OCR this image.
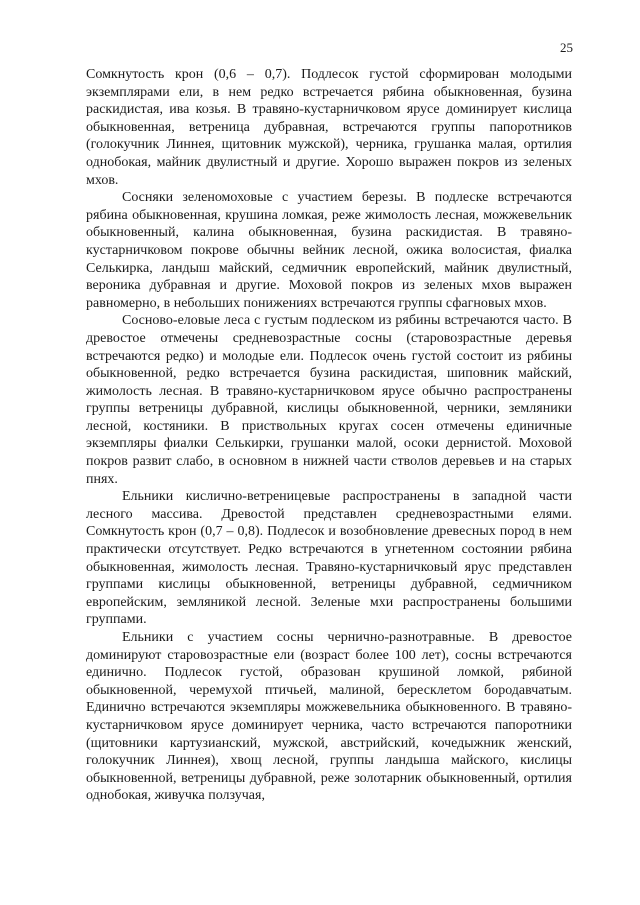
25

Сомкнутость крон (0,6 – 0,7). Подлесок густой сформирован молодыми экземплярами ели, в нем редко встречается рябина обыкновенная, бузина раскидистая, ива козья. В травяно-кустарничковом ярусе доминирует кислица обыкновенная, ветреница дубравная, встречаются группы папоротников (голокучник Линнея, щитовник мужской), черника, грушанка малая, ортилия однобокая, майник двулистный и другие. Хорошо выражен покров из зеленых мхов.

Сосняки зеленомоховые с участием березы. В подлеске встречаются рябина обыкновенная, крушина ломкая, реже жимолость лесная, можжевельник обыкновенный, калина обыкновенная, бузина раскидистая. В травяно-кустарничковом покрове обычны вейник лесной, ожика волосистая, фиалка Селькирка, ландыш майский, седмичник европейский, майник двулистный, вероника дубравная и другие. Моховой покров из зеленых мхов выражен равномерно, в небольших понижениях встречаются группы сфагновых мхов.

Сосново-еловые леса с густым подлеском из рябины встречаются часто. В древостое отмечены средневозрастные сосны (старовозрастные деревья встречаются редко) и молодые ели. Подлесок очень густой состоит из рябины обыкновенной, редко встречается бузина раскидистая, шиповник майский, жимолость лесная. В травяно-кустарничковом ярусе обычно распространены группы ветреницы дубравной, кислицы обыкновенной, черники, земляники лесной, костяники. В приствольных кругах сосен отмечены единичные экземпляры фиалки Селькирки, грушанки малой, осоки дернистой. Моховой покров развит слабо, в основном в нижней части стволов деревьев и на старых пнях.

Ельники кислично-ветреницевые распространены в западной части лесного массива. Древостой представлен средневозрастными елями. Сомкнутость крон (0,7 – 0,8). Подлесок и возобновление древесных пород в нем практически отсутствует. Редко встречаются в угнетенном состоянии рябина обыкновенная, жимолость лесная. Травяно-кустарничковый ярус представлен группами кислицы обыкновенной, ветреницы дубравной, седмичником европейским, земляникой лесной. Зеленые мхи распространены большими группами.

Ельники с участием сосны чернично-разнотравные. В древостое доминируют старовозрастные ели (возраст более 100 лет), сосны встречаются единично. Подлесок густой, образован крушиной ломкой, рябиной обыкновенной, черемухой птичьей, малиной, бересклетом бородавчатым. Единично встречаются экземпляры можжевельника обыкновенного. В травяно-кустарничковом ярусе доминирует черника, часто встречаются папоротники (щитовники картузианский, мужской, австрийский, кочедыжник женский, голокучник Линнея), хвощ лесной, группы ландыша майского, кислицы обыкновенной, ветреницы дубравной, реже золотарник обыкновенный, ортилия однобокая, живучка ползучая,
